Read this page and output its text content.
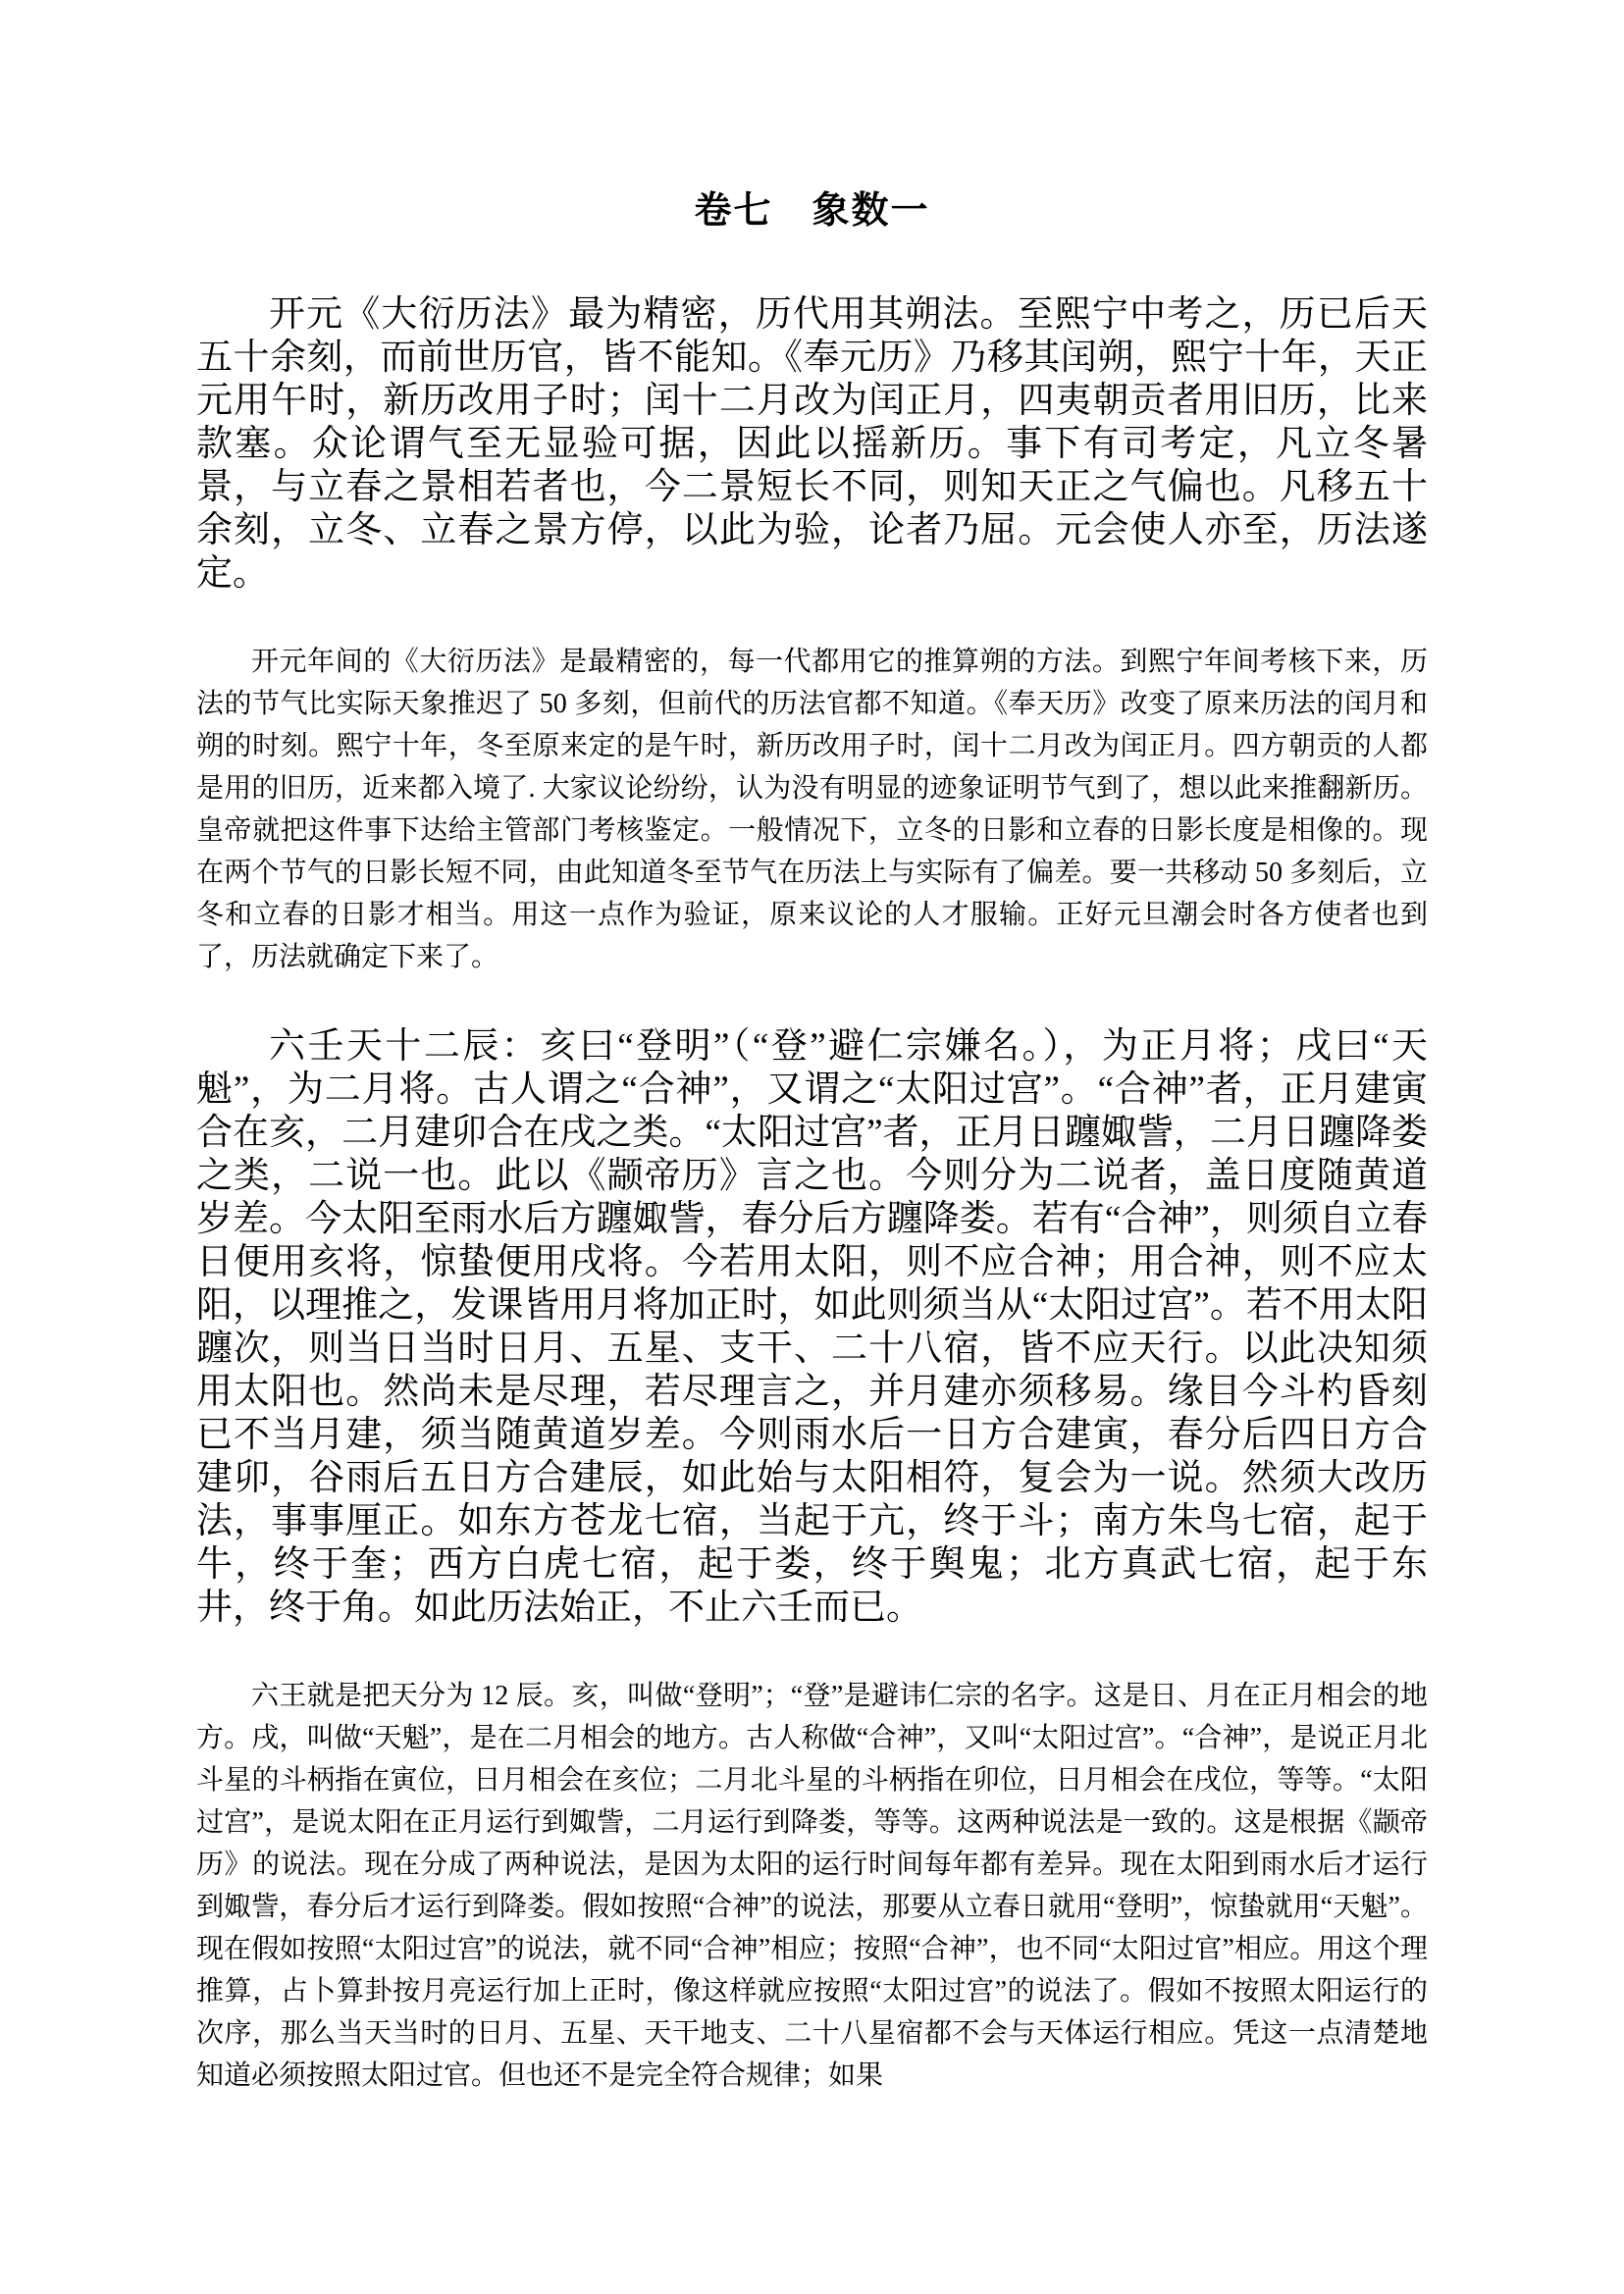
卷七　象数一

开元《大衍历法》最为精密，历代用其朔法。至熙宁中考之，历已后天五十余刻，而前世历官，皆不能知。《奉元历》乃移其闰朔，熙宁十年，天正元用午时，新历改用子时；闰十二月改为闰正月，四夷朝贡者用旧历，比来款塞。众论谓气至无显验可据，因此以摇新历。事下有司考定，凡立冬暑景，与立春之景相若者也，今二景短长不同，则知天正之气偏也。凡移五十余刻，立冬、立春之景方停，以此为验，论者乃屈。元会使人亦至，历法遂定。

开元年间的《大衍历法》是最精密的，每一代都用它的推算朔的方法。到熙宁年间考核下来，历法的节气比实际天象推迟了 50 多刻，但前代的历法官都不知道。《奉天历》改变了原来历法的闰月和朔的时刻。熙宁十年，冬至原来定的是午时，新历改用子时，闰十二月改为闰正月。四方朝贡的人都是用的旧历，近来都入境了. 大家议论纷纷，认为没有明显的迹象证明节气到了，想以此来推翻新历。皇帝就把这件事下达给主管部门考核鉴定。一般情况下，立冬的日影和立春的日影长度是相像的。现在两个节气的日影长短不同，由此知道冬至节气在历法上与实际有了偏差。要一共移动 50 多刻后，立冬和立春的日影才相当。用这一点作为验证，原来议论的人才服输。正好元旦潮会时各方使者也到了，历法就确定下来了。

六壬天十二辰：亥曰“登明”（“登”避仁宗嫌名。），为正月将；戌曰“天魁”，为二月将。古人谓之“合神”，又谓之“太阳过宫”。“合神”者，正月建寅合在亥，二月建卯合在戌之类。“太阳过宫”者，正月日躔娵訾，二月日躔降娄之类，二说一也。此以《颛帝历》言之也。今则分为二说者，盖日度随黄道岁差。今太阳至雨水后方躔娵訾，春分后方躔降娄。若有“合神”，则须自立春日便用亥将，惊蛰便用戌将。今若用太阳，则不应合神；用合神，则不应太阳，以理推之，发课皆用月将加正时，如此则须当从“太阳过宫”。若不用太阳躔次，则当日当时日月、五星、支干、二十八宿，皆不应天行。以此决知须用太阳也。然尚未是尽理，若尽理言之，并月建亦须移易。缘目今斗杓昏刻已不当月建，须当随黄道岁差。今则雨水后一日方合建寅，春分后四日方合建卯，谷雨后五日方合建辰，如此始与太阳相符，复会为一说。然须大改历法，事事厘正。如东方苍龙七宿，当起于亢，终于斗；南方朱鸟七宿，起于牛，终于奎；西方白虎七宿，起于娄，终于舆鬼；北方真武七宿，起于东井，终于角。如此历法始正，不止六壬而已。

六王就是把天分为 12 辰。亥，叫做“登明”；“登”是避讳仁宗的名字。这是日、月在正月相会的地方。戌，叫做“天魁”，是在二月相会的地方。古人称做“合神”，又叫“太阳过宫”。“合神”，是说正月北斗星的斗柄指在寅位，日月相会在亥位；二月北斗星的斗柄指在卯位，日月相会在戌位，等等。“太阳过宫”，是说太阳在正月运行到娵訾，二月运行到降娄，等等。这两种说法是一致的。这是根据《颛帝历》的说法。现在分成了两种说法，是因为太阳的运行时间每年都有差异。现在太阳到雨水后才运行到娵訾，春分后才运行到降娄。假如按照“合神”的说法，那要从立春日就用“登明”，惊蛰就用“天魁”。现在假如按照“太阳过宫”的说法，就不同“合神”相应；按照“合神”，也不同“太阳过官”相应。用这个理推算，占卜算卦按月亮运行加上正时，像这样就应按照“太阳过宫”的说法了。假如不按照太阳运行的次序，那么当天当时的日月、五星、天干地支、二十八星宿都不会与天体运行相应。凭这一点清楚地知道必须按照太阳过官。但也还不是完全符合规律；如果
